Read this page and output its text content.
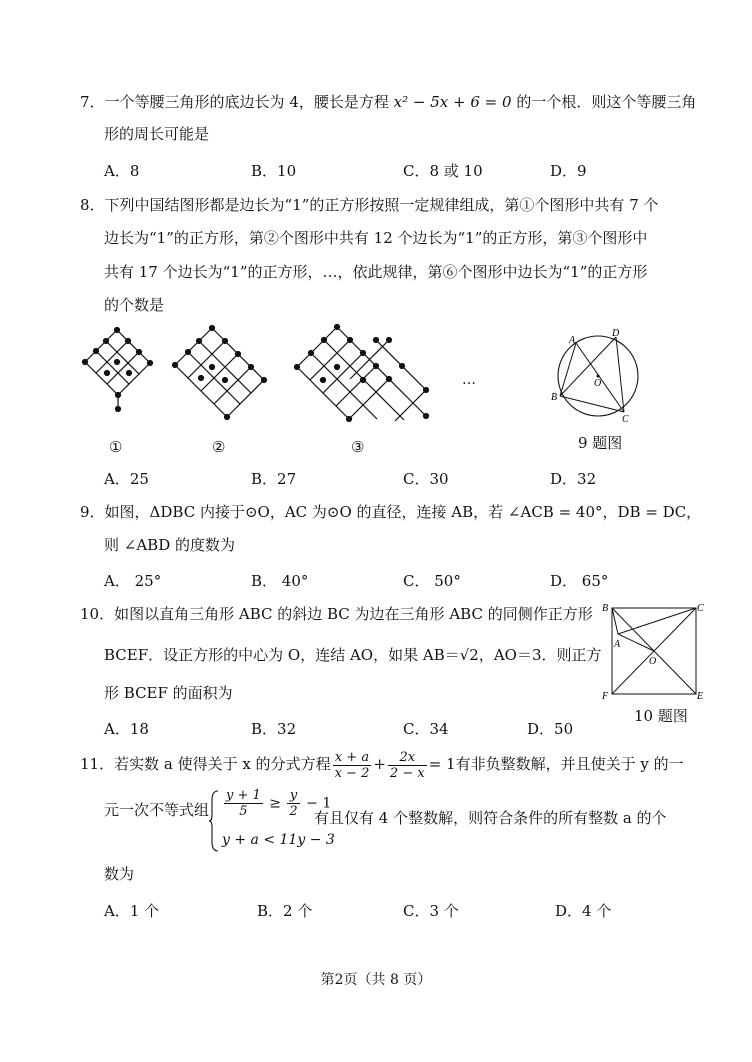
7．一个等腰三角形的底边长为 4，腰长是方程 x² − 5x + 6 = 0 的一个根．则这个等腰三角
形的周长可能是
A．8	B．10	C．8 或 10	D．9
8．下列中国结图形都是边长为“1”的正方形按照一定规律组成，第①个图形中共有 7 个
边长为“1”的正方形，第②个图形中共有 12 个边长为“1”的正方形，第③个图形中
共有 17 个边长为“1”的正方形，…，依此规律，第⑥个图形中边长为“1”的正方形
的个数是
…
①	②	③
A
D
O
B
C
9 题图
A．25	B．27	C．30	D．32
9．如图，ΔDBC 内接于⊙O，AC 为⊙O 的直径，连接 AB，若 ∠ACB = 40°，DB = DC，
则 ∠ABD 的度数为
A． 25°	B． 40°	C． 50°	D． 65°
10．如图以直角三角形 ABC 的斜边 BC 为边在三角形 ABC 的同侧作正方形
BCEF．设正方形的中心为 O，连结 AO，如果 AB＝√2，AO＝3．则正方
形 BCEF 的面积为
B	C
A
O
F	E
10 题图
A．18	B．32	C．34	D．50
11．若实数 a 使得关于 x 的分式方程 $\frac{x + a}{x - 2} + \frac{2x}{2 - x} = 1$有非负整数解，并且使关于 y 的一
元一次不等式组 $\frac{y + 1}{5} \ge \frac{y}{2} - 1$
y + a < 11y − 3
有且仅有 4 个整数解，则符合条件的所有整数 a 的个
数为
A．1 个	B．2 个	C．3 个	D．4 个
第2页（共 8 页）
